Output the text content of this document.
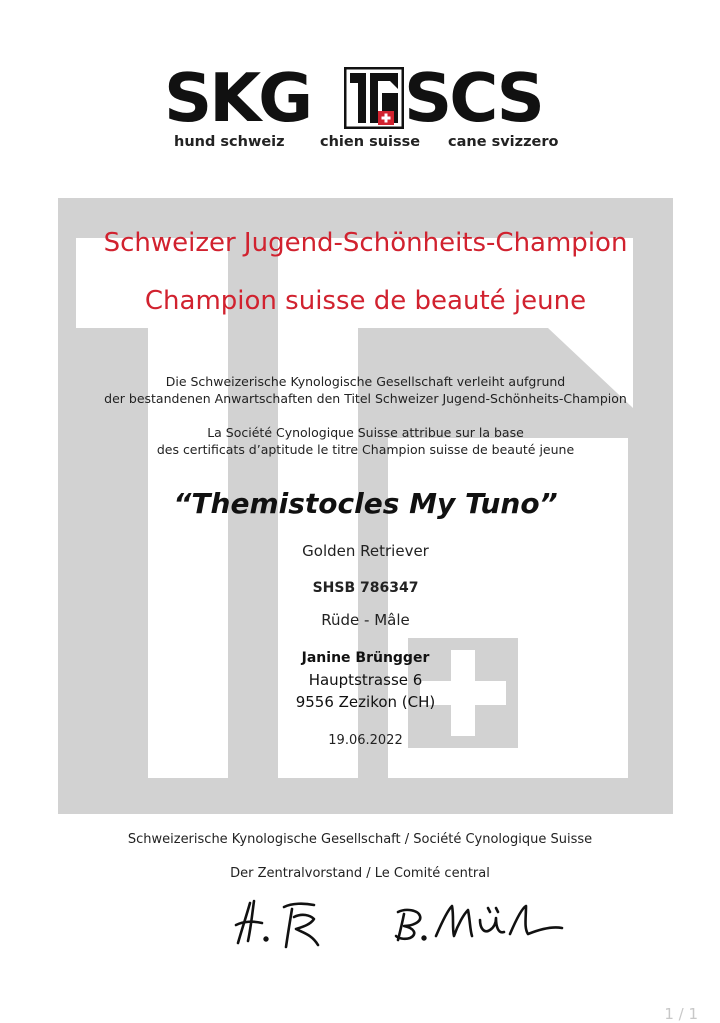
SKG SCS
hund schweiz chien suisse cane svizzero
Schweizer Jugend-Schönheits-Champion
Champion suisse de beauté jeune
Die Schweizerische Kynologische Gesellschaft verleiht aufgrund
der bestandenen Anwartschaften den Titel Schweizer Jugend-Schönheits-Champion
La Société Cynologique Suisse attribue sur la base
des certificats d’aptitude le titre Champion suisse de beauté jeune
“Themistocles My Tuno”
Golden Retriever
SHSB 786347
Rüde - Mâle
Janine Brüngger
Hauptstrasse 6
9556 Zezikon (CH)
19.06.2022
Schweizerische Kynologische Gesellschaft / Société Cynologique Suisse
Der Zentralvorstand / Le Comité central
1 / 1
